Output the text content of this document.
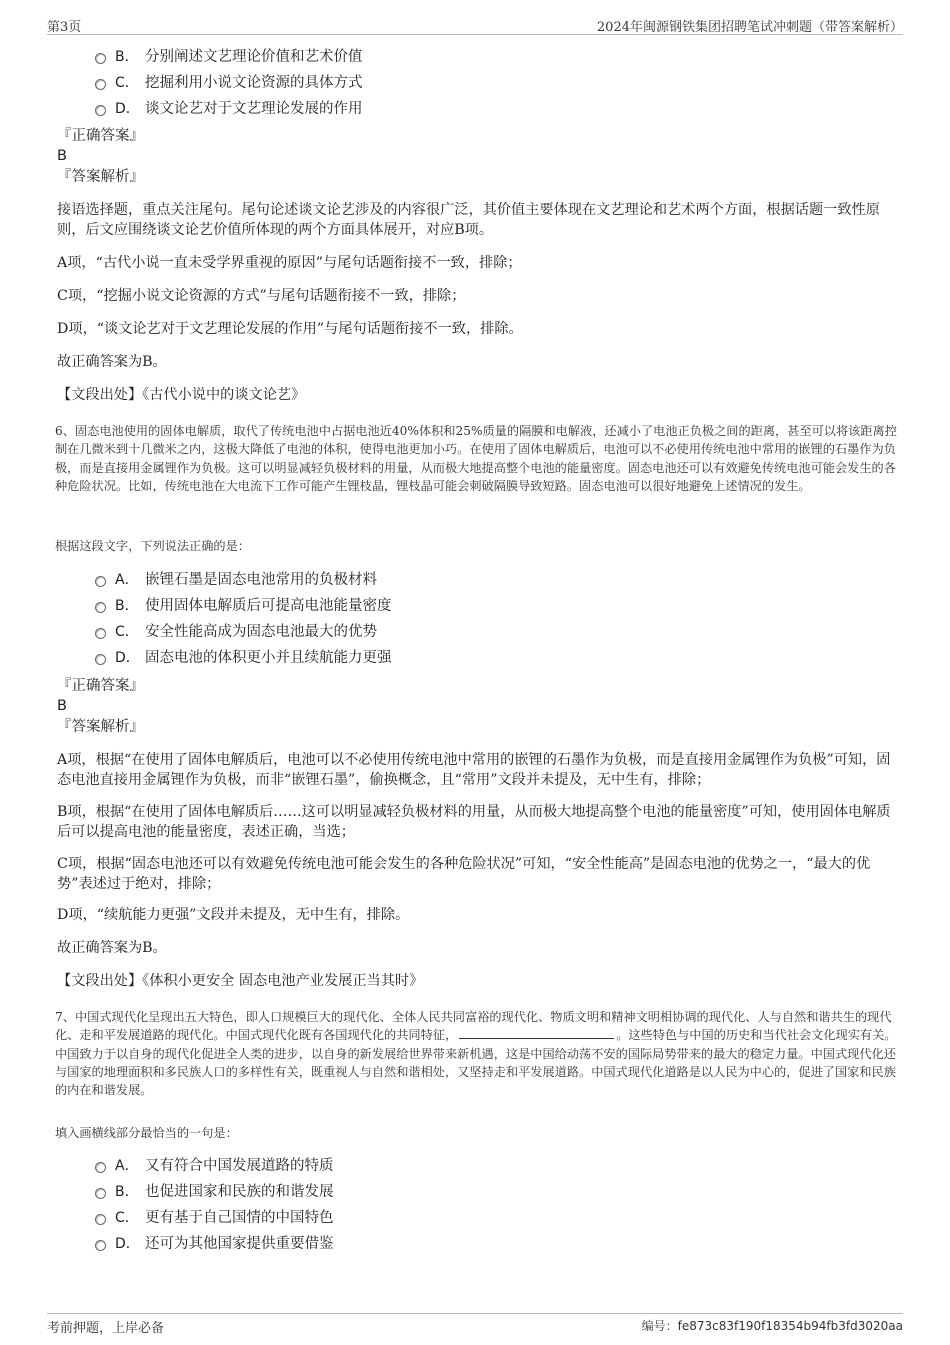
第3页	2024年闽源钢铁集团招聘笔试冲刺题（带答案解析）
B． 分别阐述文艺理论价值和艺术价值
C． 挖掘利用小说文论资源的具体方式
D． 谈文论艺对于文艺理论发展的作用
『正确答案』
B
『答案解析』
接语选择题，重点关注尾句。尾句论述谈文论艺涉及的内容很广泛，其价值主要体现在文艺理论和艺术两个方面，根据话题一致性原则，后文应围绕谈文论艺价值所体现的两个方面具体展开，对应B项。
A项，“古代小说一直未受学界重视的原因”与尾句话题衔接不一致，排除；
C项，“挖掘小说文论资源的方式”与尾句话题衔接不一致，排除；
D项，“谈文论艺对于文艺理论发展的作用”与尾句话题衔接不一致，排除。
故正确答案为B。
【文段出处】《古代小说中的谈文论艺》
6、固态电池使用的固体电解质，取代了传统电池中占据电池近40%体积和25%质量的隔膜和电解液，还减小了电池正负极之间的距离，甚至可以将该距离控制在几微米到十几微米之内，这极大降低了电池的体积，使得电池更加小巧。在使用了固体电解质后，电池可以不必使用传统电池中常用的嵌锂的石墨作为负极，而是直接用金属锂作为负极。这可以明显减轻负极材料的用量，从而极大地提高整个电池的能量密度。固态电池还可以有效避免传统电池可能会发生的各种危险状况。比如，传统电池在大电流下工作可能产生锂枝晶，锂枝晶可能会刺破隔膜导致短路。固态电池可以很好地避免上述情况的发生。
根据这段文字，下列说法正确的是：
A． 嵌锂石墨是固态电池常用的负极材料
B． 使用固体电解质后可提高电池能量密度
C． 安全性能高成为固态电池最大的优势
D． 固态电池的体积更小并且续航能力更强
『正确答案』
B
『答案解析』
A项，根据“在使用了固体电解质后，电池可以不必使用传统电池中常用的嵌锂的石墨作为负极，而是直接用金属锂作为负极”可知，固态电池直接用金属锂作为负极，而非“嵌锂石墨”，偷换概念，且“常用”文段并未提及，无中生有，排除；
B项，根据“在使用了固体电解质后……这可以明显减轻负极材料的用量，从而极大地提高整个电池的能量密度”可知，使用固体电解质后可以提高电池的能量密度，表述正确，当选；
C项，根据“固态电池还可以有效避免传统电池可能会发生的各种危险状况”可知，“安全性能高”是固态电池的优势之一，“最大的优势”表述过于绝对，排除；
D项，“续航能力更强”文段并未提及，无中生有，排除。
故正确答案为B。
【文段出处】《体积小更安全 固态电池产业发展正当其时》
7、中国式现代化呈现出五大特色，即人口规模巨大的现代化、全体人民共同富裕的现代化、物质文明和精神文明相协调的现代化、人与自然和谐共生的现代化、走和平发展道路的现代化。中国式现代化既有各国现代化的共同特征，	。这些特色与中国的历史和当代社会文化现实有关。中国致力于以自身的现代化促进全人类的进步，以自身的新发展给世界带来新机遇，这是中国给动荡不安的国际局势带来的最大的稳定力量。中国式现代化还与国家的地理面积和多民族人口的多样性有关，既重视人与自然和谐相处，又坚持走和平发展道路。中国式现代化道路是以人民为中心的，促进了国家和民族的内在和谐发展。
填入画横线部分最恰当的一句是：
A． 又有符合中国发展道路的特质
B． 也促进国家和民族的和谐发展
C． 更有基于自己国情的中国特色
D． 还可为其他国家提供重要借鉴
考前押题，上岸必备	编号：fe873c83f190f18354b94fb3fd3020aa
